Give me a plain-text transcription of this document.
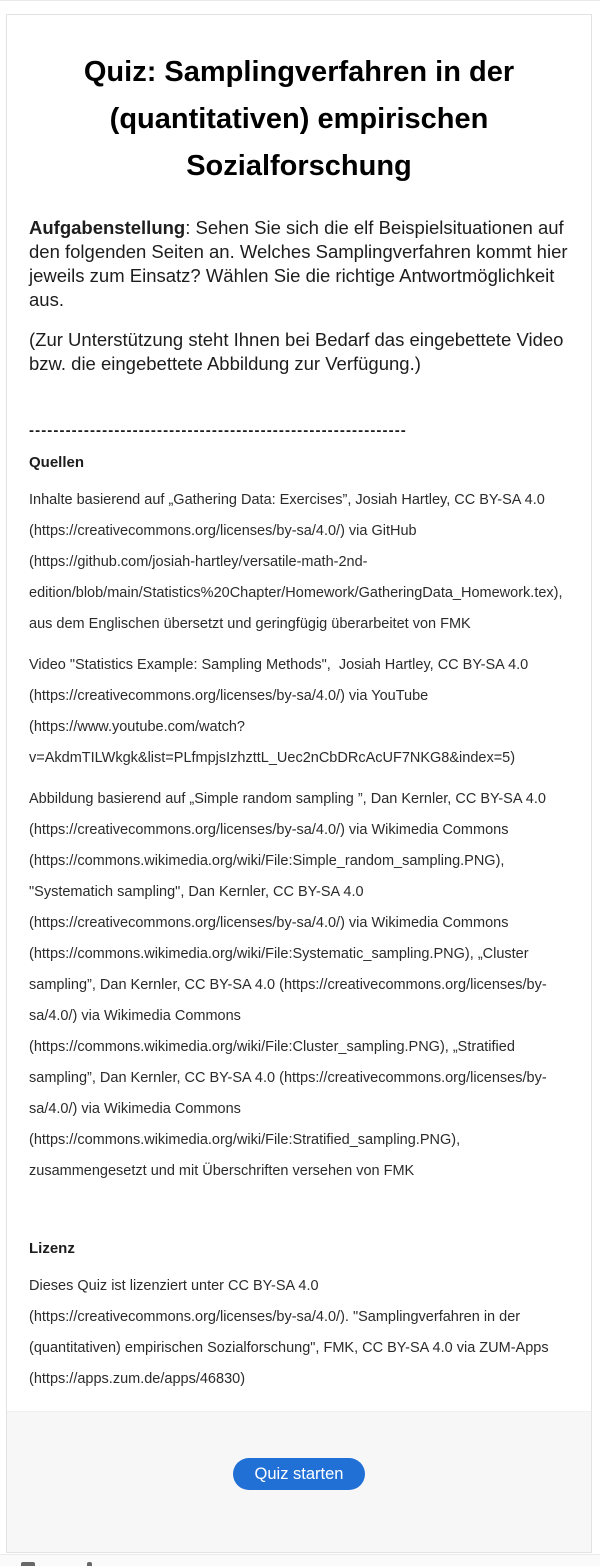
Quiz: Samplingverfahren in der (quantitativen) empirischen Sozialforschung

Aufgabenstellung: Sehen Sie sich die elf Beispielsituationen auf den folgenden Seiten an. Welches Samplingverfahren kommt hier jeweils zum Einsatz? Wählen Sie die richtige Antwortmöglichkeit aus.

(Zur Unterstützung steht Ihnen bei Bedarf das eingebettete Video bzw. die eingebettete Abbildung zur Verfügung.)

--------------------------------------------------------------
Quellen

Inhalte basierend auf „Gathering Data: Exercises”, Josiah Hartley, CC BY-SA 4.0 (https://creativecommons.org/licenses/by-sa/4.0/) via GitHub (https://github.com/josiah-hartley/versatile-math-2nd-edition/blob/main/Statistics%20Chapter/Homework/GatheringData_Homework.tex), aus dem Englischen übersetzt und geringfügig überarbeitet von FMK

Video "Statistics Example: Sampling Methods",  Josiah Hartley, CC BY-SA 4.0 (https://creativecommons.org/licenses/by-sa/4.0/) via YouTube (https://www.youtube.com/watch?v=AkdmTILWkgk&list=PLfmpjsIzhzttL_Uec2nCbDRcAcUF7NKG8&index=5)

Abbildung basierend auf „Simple random sampling ”, Dan Kernler, CC BY-SA 4.0 (https://creativecommons.org/licenses/by-sa/4.0/) via Wikimedia Commons (https://commons.wikimedia.org/wiki/File:Simple_random_sampling.PNG), "Systematich sampling", Dan Kernler, CC BY-SA 4.0 (https://creativecommons.org/licenses/by-sa/4.0/) via Wikimedia Commons (https://commons.wikimedia.org/wiki/File:Systematic_sampling.PNG), „Cluster sampling”, Dan Kernler, CC BY-SA 4.0 (https://creativecommons.org/licenses/by-sa/4.0/) via Wikimedia Commons (https://commons.wikimedia.org/wiki/File:Cluster_sampling.PNG), „Stratified sampling”, Dan Kernler, CC BY-SA 4.0 (https://creativecommons.org/licenses/by-sa/4.0/) via Wikimedia Commons (https://commons.wikimedia.org/wiki/File:Stratified_sampling.PNG), zusammengesetzt und mit Überschriften versehen von FMK

Lizenz

Dieses Quiz ist lizenziert unter CC BY-SA 4.0 (https://creativecommons.org/licenses/by-sa/4.0/). "Samplingverfahren in der (quantitativen) empirischen Sozialforschung", FMK, CC BY-SA 4.0 via ZUM-Apps (https://apps.zum.de/apps/46830)

Quiz starten
